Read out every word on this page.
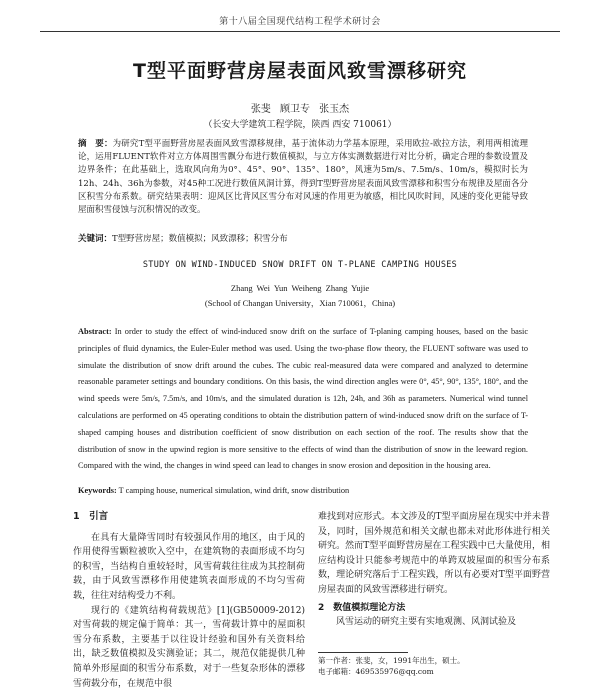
第十八届全国现代结构工程学术研讨会
T型平面野营房屋表面风致雪漂移研究
张斐 顾卫专 张玉杰
（长安大学建筑工程学院，陕西 西安 710061）
摘　要：为研究T型平面野营房屋表面风致雪漂移规律，基于流体动力学基本原理，采用欧拉-欧拉方法，利用两相流理论，运用FLUENT软件对立方体周围雪飘分布进行数值模拟，与立方体实测数据进行对比分析，确定合理的参数设置及边界条件；在此基础上，选取风向角为0°、45°、90°、135°、180°，风速为5m/s、7.5m/s、10m/s，模拟时长为12h、24h、36h为参数，对45种工况进行数值风洞计算，得到T型野营房屋表面风致雪漂移和积雪分布规律及屋面各分区积雪分布系数。研究结果表明：迎风区比背风区雪分布对风速的作用更为敏感，相比风吹时间，风速的变化更能导致屋面积雪侵蚀与沉积情况的改变。
关键词：T型野营房屋；数值模拟；风致漂移；积雪分布
STUDY ON WIND-INDUCED SNOW DRIFT ON T-PLANE CAMPING HOUSES
Zhang Wei Yun Weiheng Zhang Yujie
(School of Changan University，Xian 710061，China)
Abstract: In order to study the effect of wind-induced snow drift on the surface of T-planing camping houses, based on the basic principles of fluid dynamics, the Euler-Euler method was used. Using the two-phase flow theory, the FLUENT software was used to simulate the distribution of snow drift around the cubes. The cubic real-measured data were compared and analyzed to determine reasonable parameter settings and boundary conditions. On this basis, the wind direction angles were 0°, 45°, 90°, 135°, 180°, and the wind speeds were 5m/s, 7.5m/s, and 10m/s, and the simulated duration is 12h, 24h, and 36h as parameters. Numerical wind tunnel calculations are performed on 45 operating conditions to obtain the distribution pattern of wind-induced snow drift on the surface of T-shaped camping houses and distribution coefficient of snow distribution on each section of the roof. The results show that the distribution of snow in the upwind region is more sensitive to the effects of wind than the distribution of snow in the leeward region. Compared with the wind, the changes in wind speed can lead to changes in snow erosion and deposition in the housing area.
Keywords: T camping house, numerical simulation, wind drift, snow distribution
1　引言

在具有大量降雪同时有较强风作用的地区，由于风的作用使得雪颗粒被吹入空中，在建筑物的表面形成不均匀的积雪，当结构自重较轻时，风雪荷载往往成为其控制荷载，由于风致雪漂移作用使建筑表面形成的不均匀雪荷载，往往对结构受力不利。

现行的《建筑结构荷载规范》[1](GB50009-2012)对雪荷载的规定偏于简单：其一，雪荷载计算中的屋面积雪分布系数，主要基于以往设计经验和国外有关资料给出，缺乏数值模拟及实测验证；其二，规范仅能提供几种简单外形屋面的积雪分布系数，对于一些复杂形体的漂移雪荷载分布，在规范中很

难找到对应形式。本文涉及的T型平面房屋在现实中并未普及，同时，国外规范和相关文献也都未对此形体进行相关研究。然而T型平面野营房屋在工程实践中已大量使用，相应结构设计只能参考规范中的单跨双坡屋面的积雪分布系数，理论研究落后于工程实践，所以有必要对T型平面野营房屋表面的风致雪漂移进行研究。

2　数值模拟理论方法

风雪运动的研究主要有实地观测、风洞试验及

第一作者：张斐，女，1991年出生，硕士。
电子邮箱：469535976@qq.com
